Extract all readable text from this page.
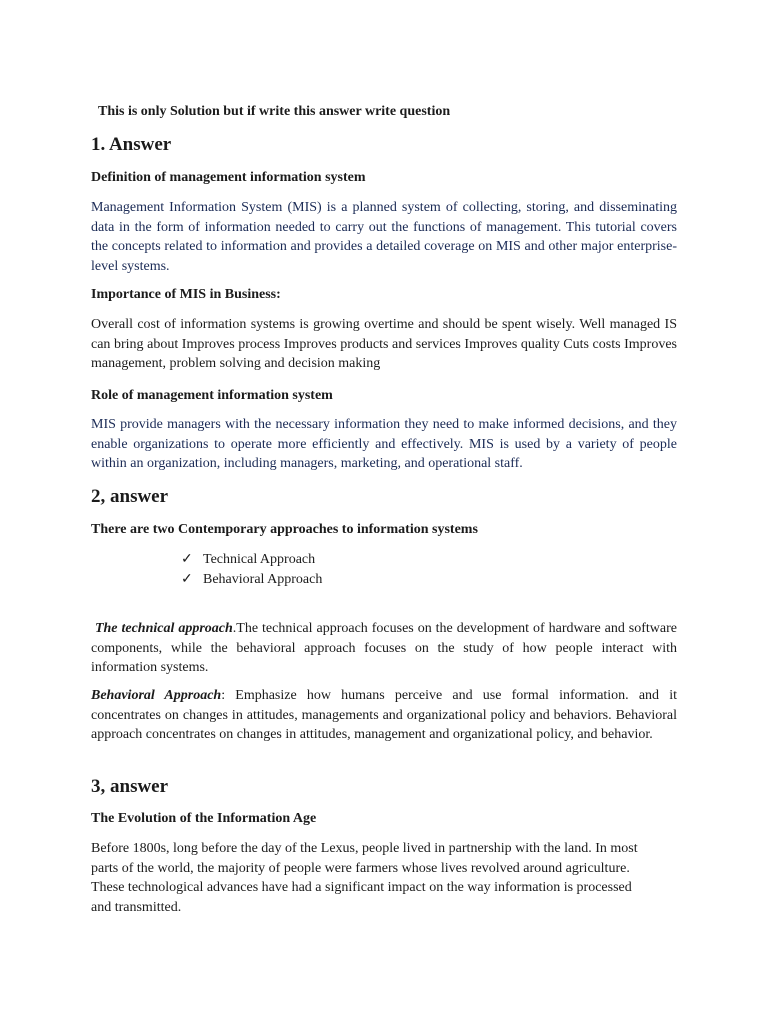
This is only Solution but if write this answer write question

1. Answer

Definition of management information system

Management Information System (MIS) is a planned system of collecting, storing, and disseminating data in the form of information needed to carry out the functions of management. This tutorial covers the concepts related to information and provides a detailed coverage on MIS and other major enterprise-level systems.

Importance of MIS in Business:

Overall cost of information systems is growing overtime and should be spent wisely. Well managed IS can bring about Improves process Improves products and services Improves quality Cuts costs Improves management, problem solving and decision making

Role of management information system

MIS provide managers with the necessary information they need to make informed decisions, and they enable organizations to operate more efficiently and effectively. MIS is used by a variety of people within an organization, including managers, marketing, and operational staff.

2, answer

There are two Contemporary approaches to information systems

✓ Technical Approach
✓ Behavioral Approach

The technical approach.The technical approach focuses on the development of hardware and software components, while the behavioral approach focuses on the study of how people interact with information systems.

Behavioral Approach: Emphasize how humans perceive and use formal information. and it concentrates on changes in attitudes, managements and organizational policy and behaviors. Behavioral approach concentrates on changes in attitudes, management and organizational policy, and behavior.

3, answer

The Evolution of the Information Age

Before 1800s, long before the day of the Lexus, people lived in partnership with the land. In most parts of the world, the majority of people were farmers whose lives revolved around agriculture. These technological advances have had a significant impact on the way information is processed and transmitted.
